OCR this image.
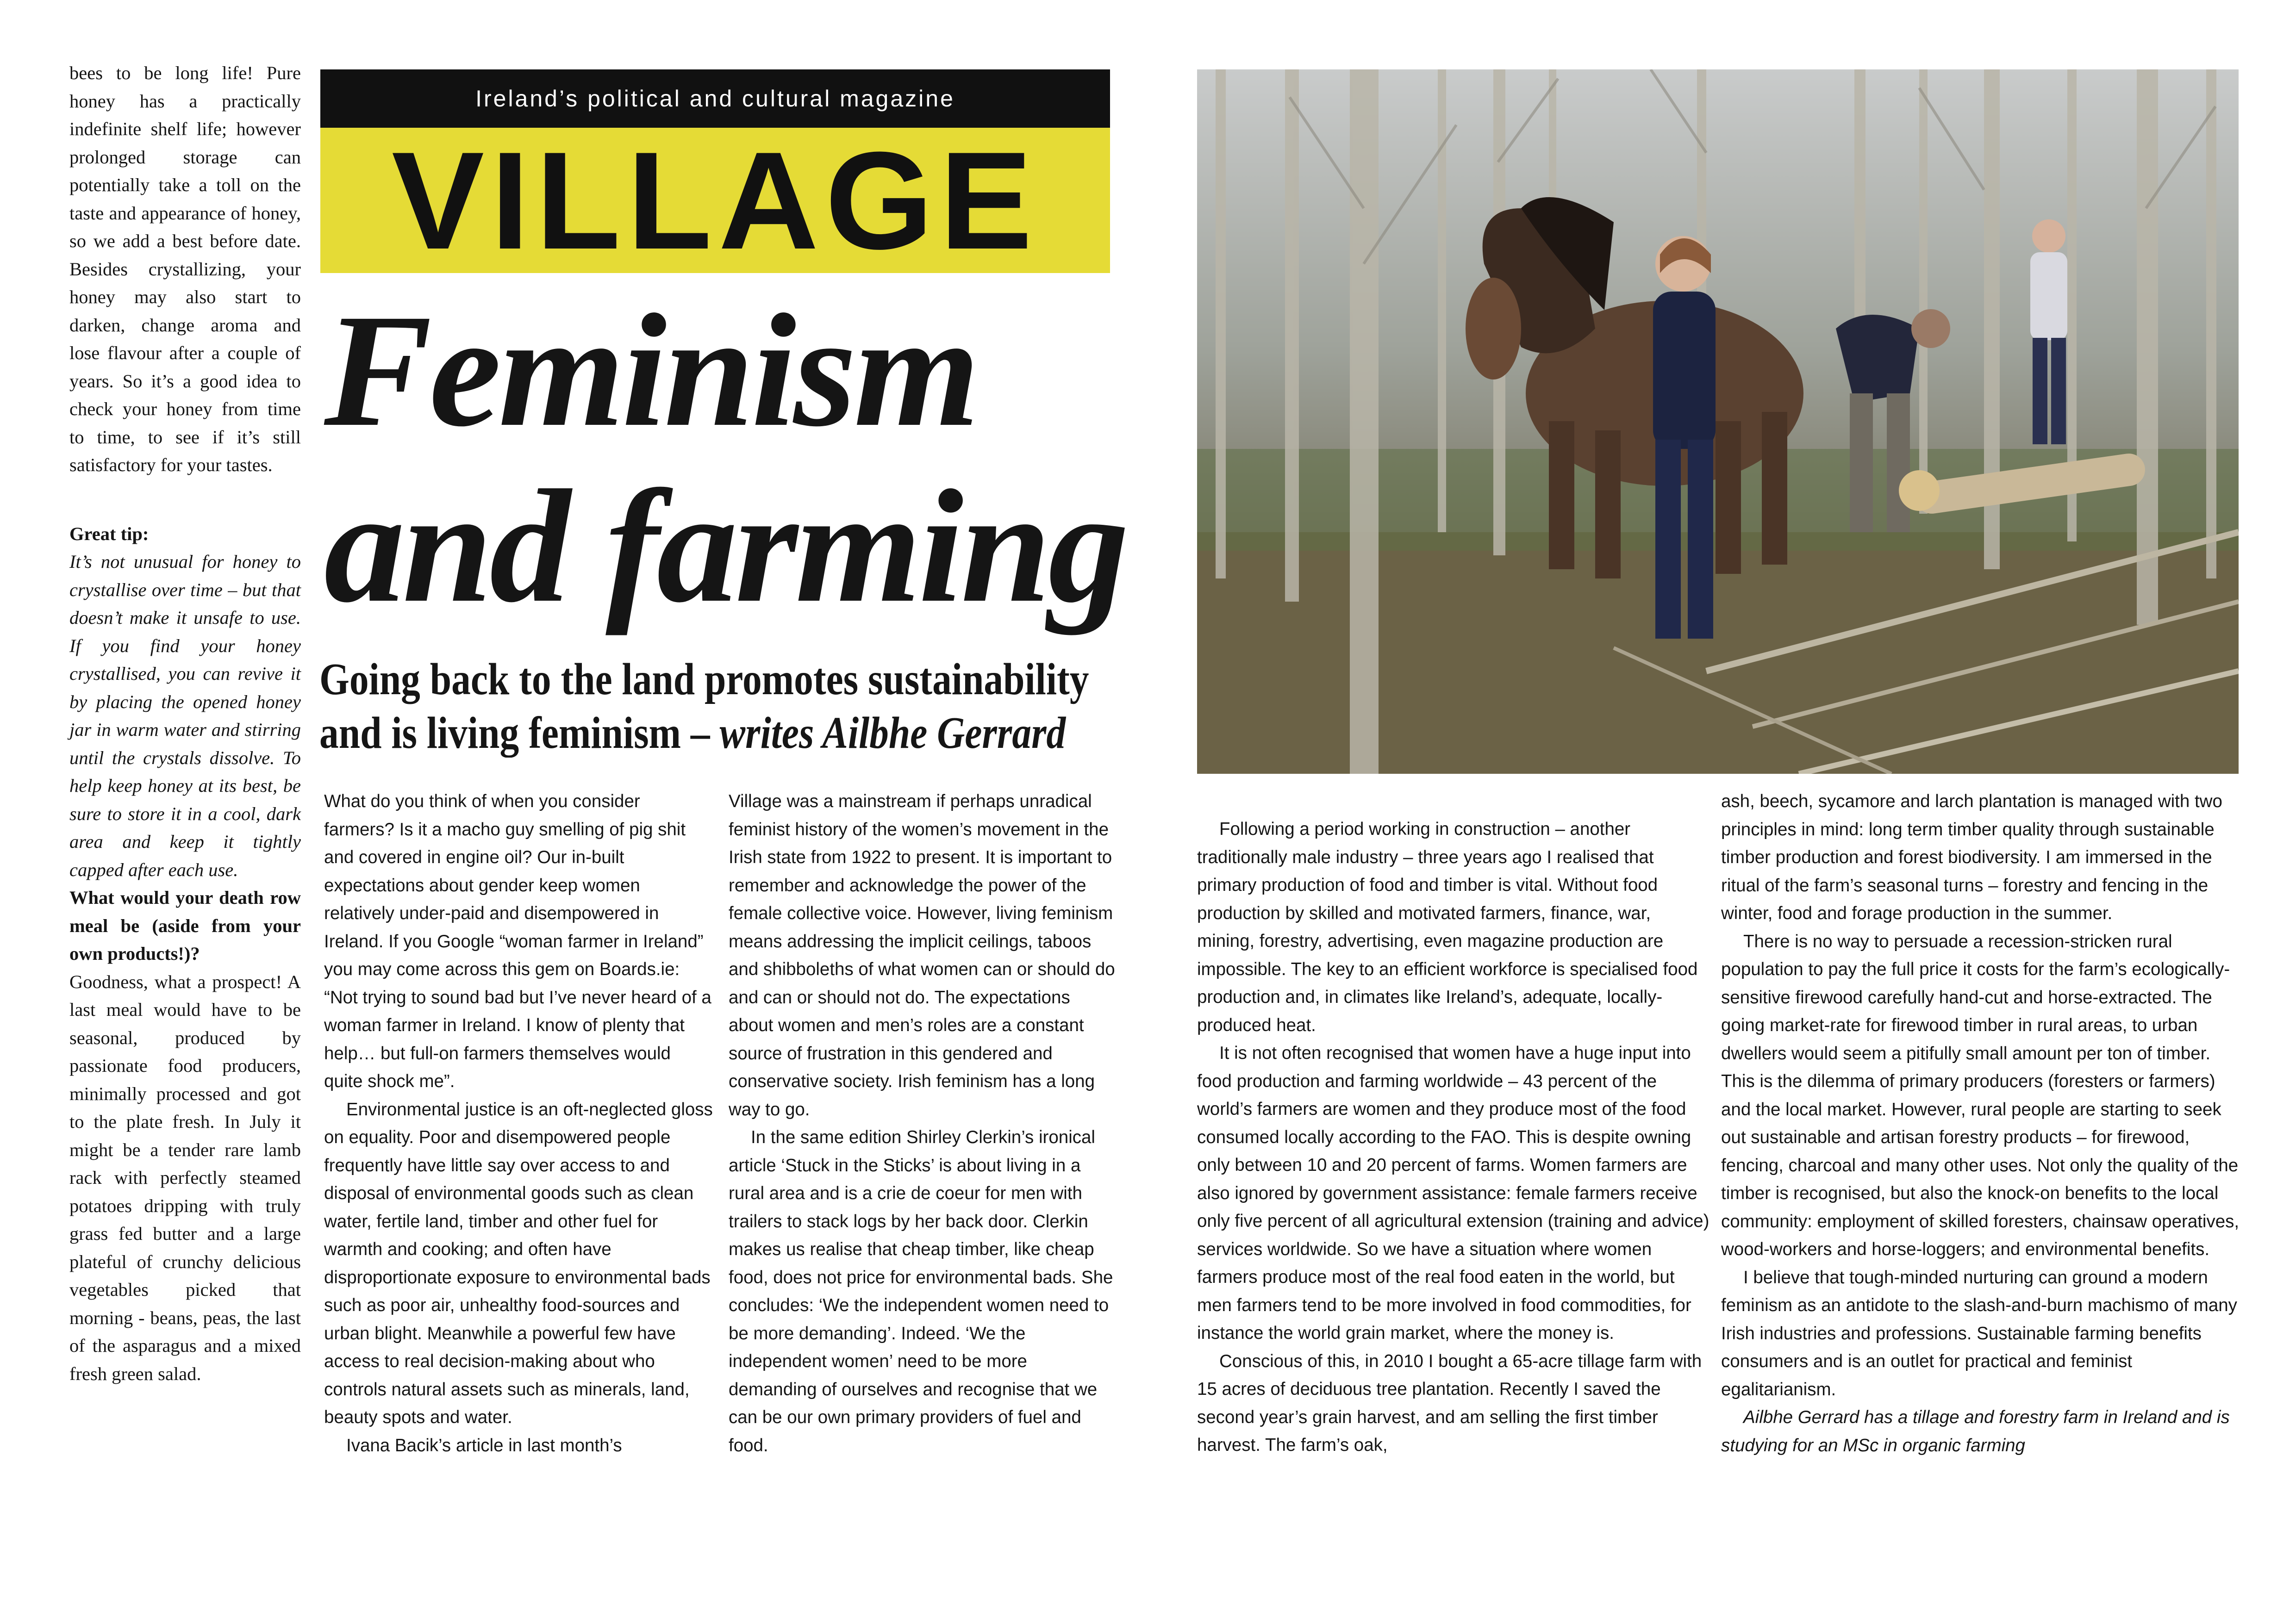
bees to be long life! Pure honey has a practically indefinite shelf life; however prolonged storage can potentially take a toll on the taste and appearance of honey, so we add a best before date. Besides crystallizing, your honey may also start to darken, change aroma and lose flavour after a couple of years. So it’s a good idea to check your honey from time to time, to see if it’s still satisfactory for your tastes.

Great tip:

It’s not unusual for honey to crystallise over time – but that doesn’t make it unsafe to use. If you find your honey crystallised, you can revive it by placing the opened honey jar in warm water and stirring until the crystals dissolve. To help keep honey at its best, be sure to store it in a cool, dark area and keep it tightly capped after each use.

What would your death row meal be (aside from your own products!)?

Goodness, what a prospect! A last meal would have to be seasonal, produced by passionate food producers, minimally processed and got to the plate fresh. In July it might be a tender rare lamb rack with perfectly steamed potatoes dripping with truly grass fed butter and a large plateful of crunchy delicious vegetables picked that morning - beans, peas, the last of the asparagus and a mixed fresh green salad.

Ireland’s political and cultural magazine
VILLAGE
Feminism
and farming
Going back to the land promotes sustainability
and is living feminism – writes Ailbhe Gerrard

What do you think of when you consider farmers? Is it a macho guy smelling of pig shit and covered in engine oil? Our in-built expectations about gender keep women relatively under-paid and disempowered in Ireland. If you Google “woman farmer in Ireland” you may come across this gem on Boards.ie: “Not trying to sound bad but I’ve never heard of a woman farmer in Ireland. I know of plenty that help… but full-on farmers themselves would quite shock me”.

Environmental justice is an oft-neglected gloss on equality. Poor and disempowered people frequently have little say over access to and disposal of environmental goods such as clean water, fertile land, timber and other fuel for warmth and cooking; and often have disproportionate exposure to environmental bads such as poor air, unhealthy food-sources and urban blight. Meanwhile a powerful few have access to real decision-making about who controls natural assets such as minerals, land, beauty spots and water.

Ivana Bacik’s article in last month’s

Village was a mainstream if perhaps unradical feminist history of the women’s movement in the Irish state from 1922 to present. It is important to remember and acknowledge the power of the female collective voice. However, living feminism means addressing the implicit ceilings, taboos and shibboleths of what women can or should do and can or should not do. The expectations about women and men’s roles are a constant source of frustration in this gendered and conservative society. Irish feminism has a long way to go.

In the same edition Shirley Clerkin’s ironical article ‘Stuck in the Sticks’ is about living in a rural area and is a crie de coeur for men with trailers to stack logs by her back door. Clerkin makes us realise that cheap timber, like cheap food, does not price for environmental bads. She concludes: ‘We the independent women need to be more demanding’. Indeed. ‘We the independent women’ need to be more demanding of ourselves and recognise that we can be our own primary providers of fuel and food.

Following a period working in construction – another traditionally male industry – three years ago I realised that primary production of food and timber is vital. Without food production by skilled and motivated farmers, finance, war, mining, forestry, advertising, even magazine production are impossible. The key to an efficient workforce is specialised food production and, in climates like Ireland’s, adequate, locally-produced heat.

It is not often recognised that women have a huge input into food production and farming worldwide – 43 percent of the world’s farmers are women and they produce most of the food consumed locally according to the FAO. This is despite owning only between 10 and 20 percent of farms. Women farmers are also ignored by government assistance: female farmers receive only five percent of all agricultural extension (training and advice) services worldwide. So we have a situation where women farmers produce most of the real food eaten in the world, but men farmers tend to be more involved in food commodities, for instance the world grain market, where the money is.

Conscious of this, in 2010 I bought a 65-acre tillage farm with 15 acres of deciduous tree plantation. Recently I saved the second year’s grain harvest, and am selling the first timber harvest. The farm’s oak,

ash, beech, sycamore and larch plantation is managed with two principles in mind: long term timber quality through sustainable timber production and forest biodiversity. I am immersed in the ritual of the farm’s seasonal turns – forestry and fencing in the winter, food and forage production in the summer.

There is no way to persuade a recession-stricken rural population to pay the full price it costs for the farm’s ecologically-sensitive firewood carefully hand-cut and horse-extracted. The going market-rate for firewood timber in rural areas, to urban dwellers would seem a pitifully small amount per ton of timber. This is the dilemma of primary producers (foresters or farmers) and the local market. However, rural people are starting to seek out sustainable and artisan forestry products – for firewood, fencing, charcoal and many other uses. Not only the quality of the timber is recognised, but also the knock-on benefits to the local community: employment of skilled foresters, chainsaw operatives, wood-workers and horse-loggers; and environmental benefits.

I believe that tough-minded nurturing can ground a modern feminism as an antidote to the slash-and-burn machismo of many Irish industries and professions. Sustainable farming benefits consumers and is an outlet for practical and feminist egalitarianism.

Ailbhe Gerrard has a tillage and forestry farm in Ireland and is studying for an MSc in organic farming
